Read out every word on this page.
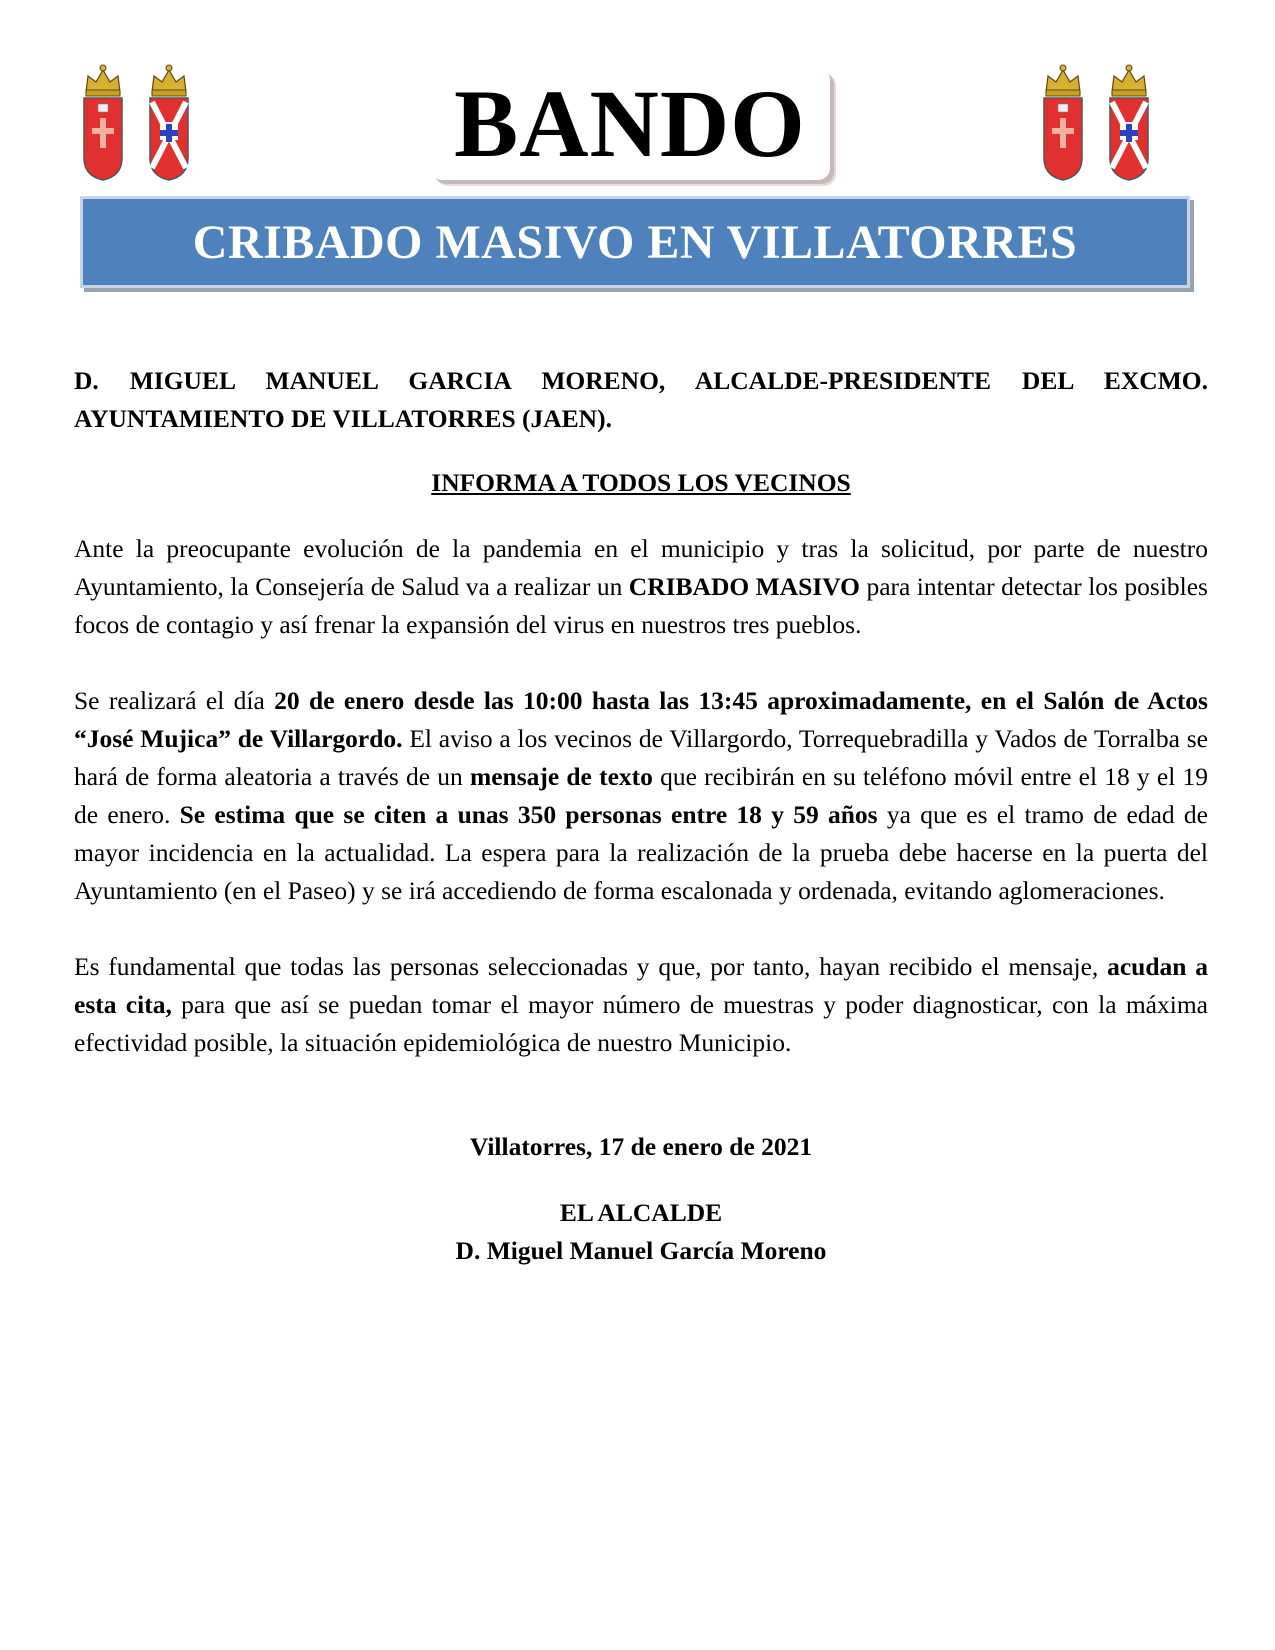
BANDO
CRIBADO MASIVO EN VILLATORRES

D. MIGUEL MANUEL GARCIA MORENO, ALCALDE-PRESIDENTE DEL EXCMO. AYUNTAMIENTO DE VILLATORRES (JAEN).

INFORMA A TODOS LOS VECINOS

Ante la preocupante evolución de la pandemia en el municipio y tras la solicitud, por parte de nuestro Ayuntamiento, la Consejería de Salud va a realizar un CRIBADO MASIVO para intentar detectar los posibles focos de contagio y así frenar la expansión del virus en nuestros tres pueblos.

Se realizará el día 20 de enero desde las 10:00 hasta las 13:45 aproximadamente, en el Salón de Actos “José Mujica” de Villargordo. El aviso a los vecinos de Villargordo, Torrequebradilla y Vados de Torralba se hará de forma aleatoria a través de un mensaje de texto que recibirán en su teléfono móvil entre el 18 y el 19 de enero. Se estima que se citen a unas 350 personas entre 18 y 59 años ya que es el tramo de edad de mayor incidencia en la actualidad. La espera para la realización de la prueba debe hacerse en la puerta del Ayuntamiento (en el Paseo) y se irá accediendo de forma escalonada y ordenada, evitando aglomeraciones.

Es fundamental que todas las personas seleccionadas y que, por tanto, hayan recibido el mensaje, acudan a esta cita, para que así se puedan tomar el mayor número de muestras y poder diagnosticar, con la máxima efectividad posible, la situación epidemiológica de nuestro Municipio.

Villatorres, 17 de enero de 2021

EL ALCALDE

D. Miguel Manuel García Moreno
